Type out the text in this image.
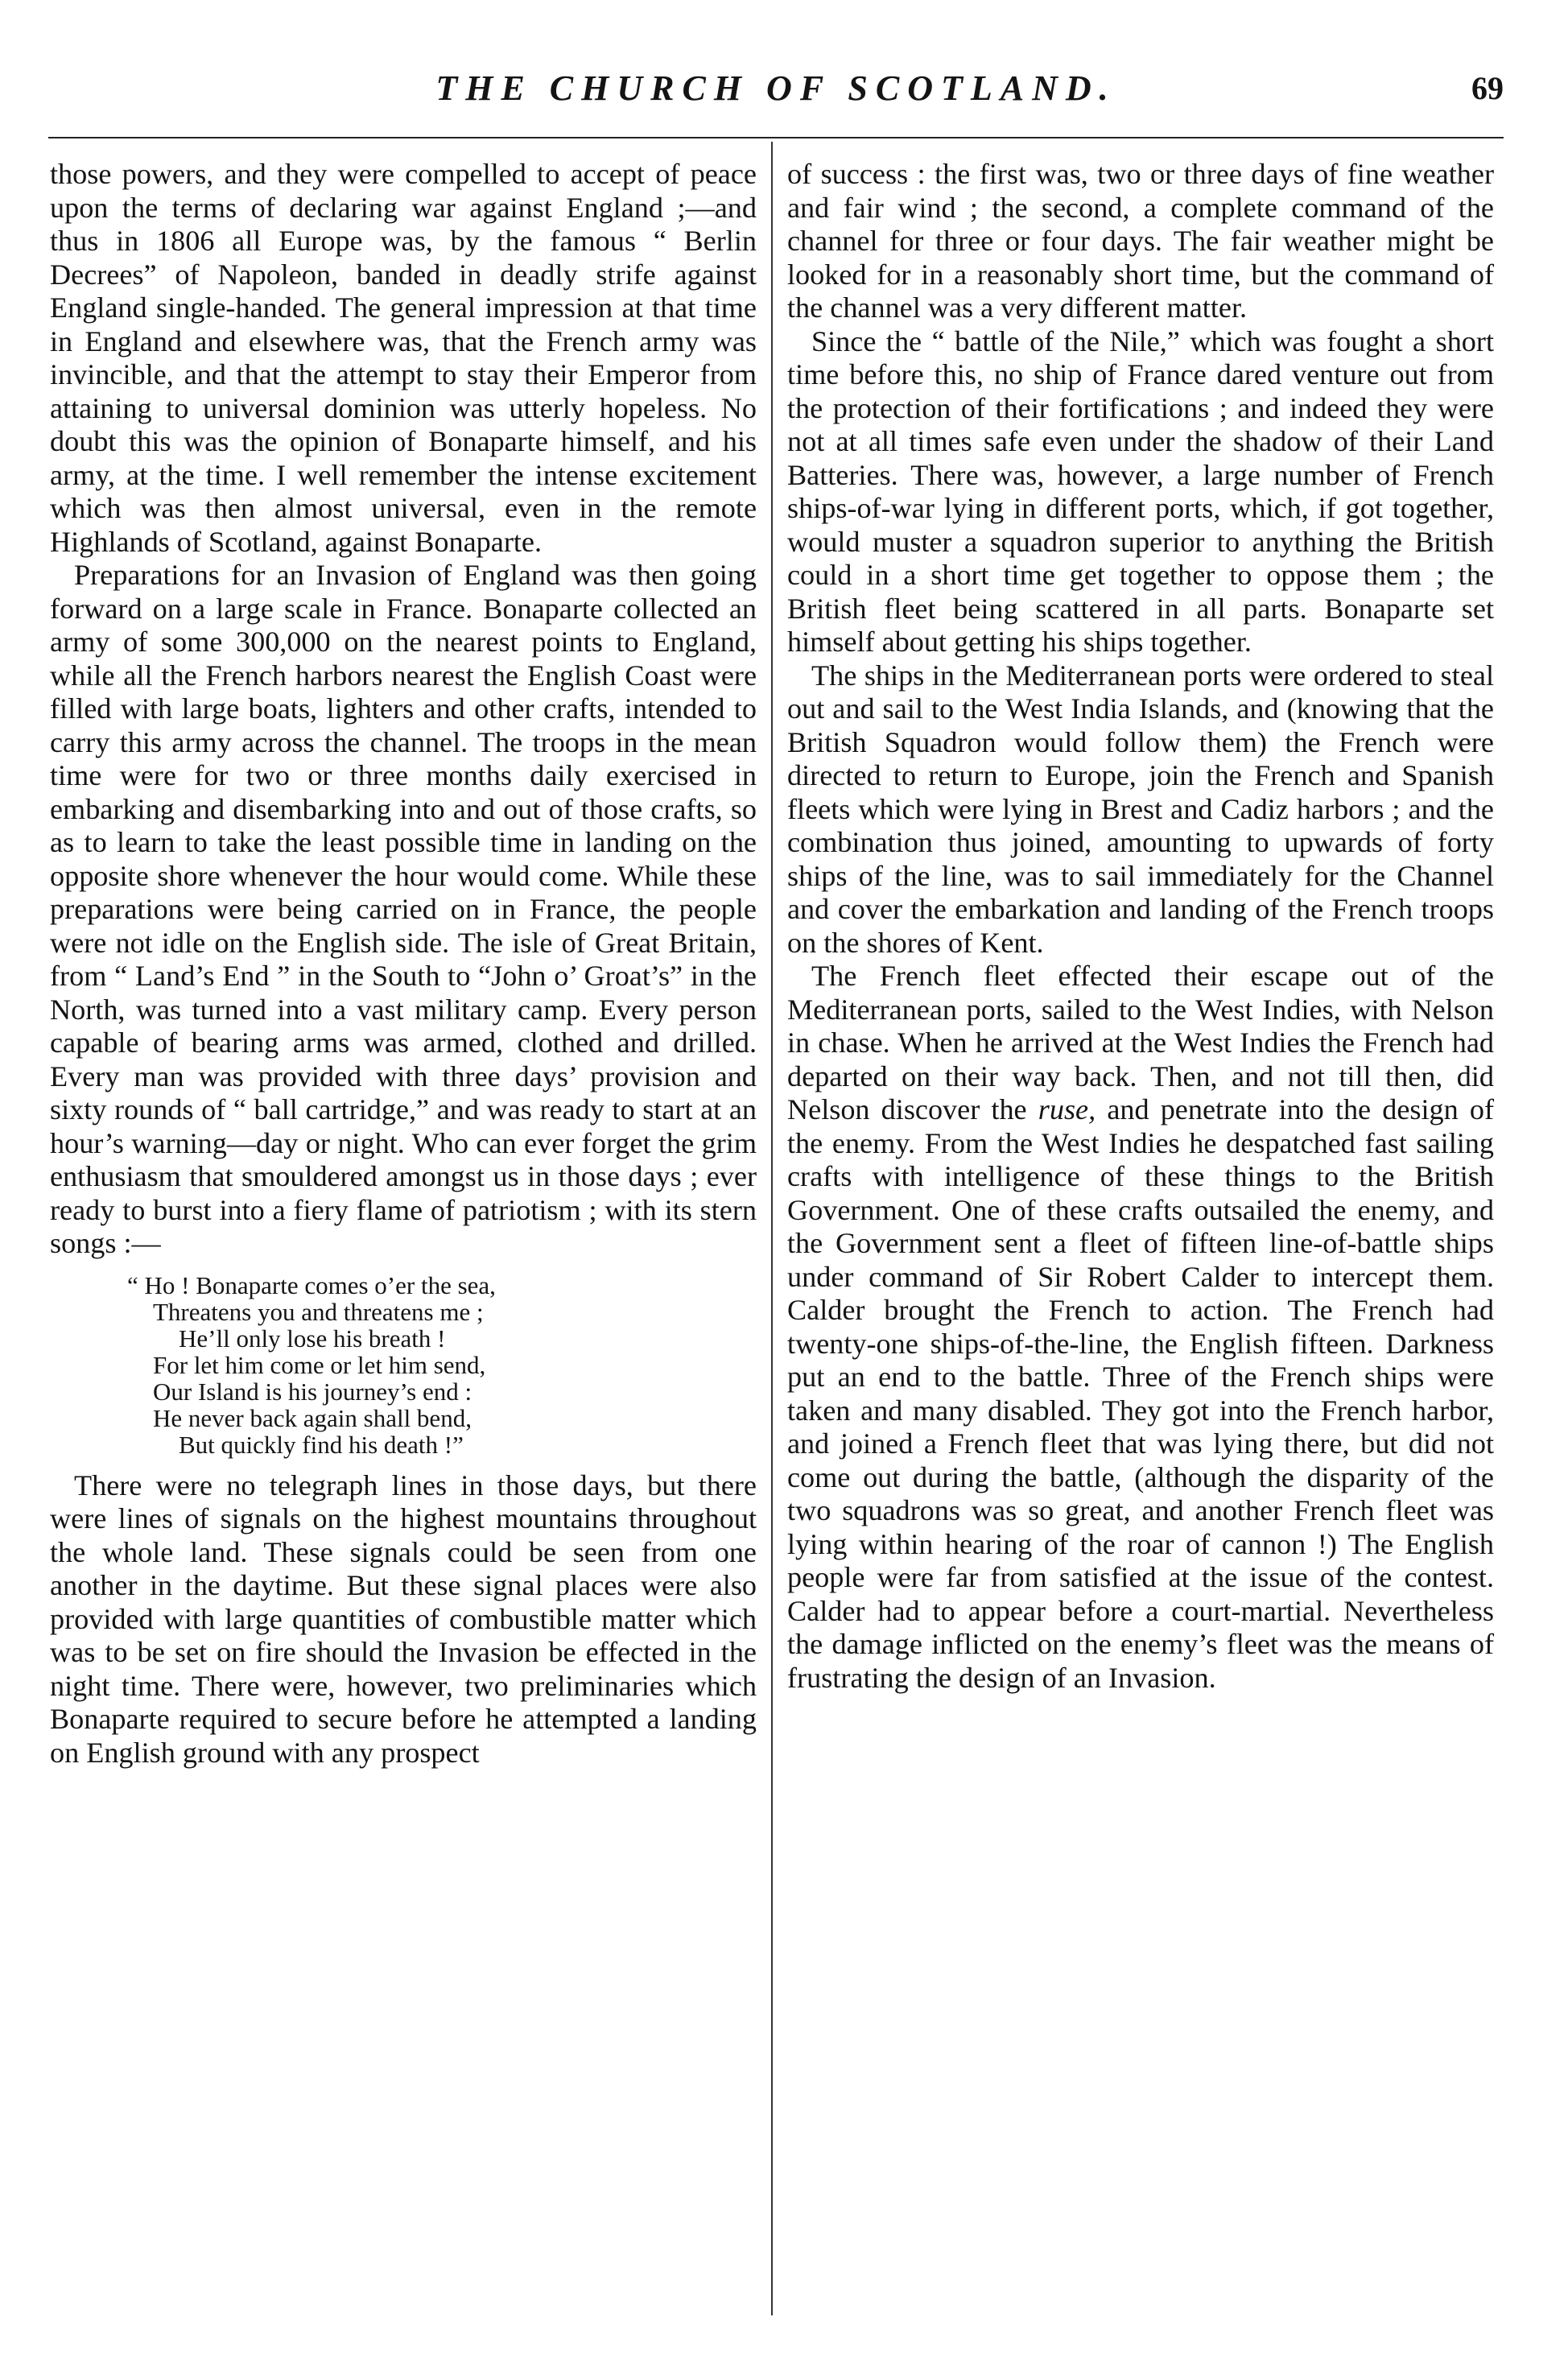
THE CHURCH OF SCOTLAND.	69

those powers, and they were compelled to accept of peace upon the terms of declaring war against England ;—and thus in 1806 all Europe was, by the famous “ Berlin Decrees” of Napoleon, banded in deadly strife against England single-handed. The general impression at that time in England and elsewhere was, that the French army was invincible, and that the attempt to stay their Emperor from attaining to universal dominion was utterly hopeless. No doubt this was the opinion of Bonaparte himself, and his army, at the time. I well remember the intense excitement which was then almost universal, even in the remote Highlands of Scotland, against Bonaparte.

Preparations for an Invasion of England was then going forward on a large scale in France. Bonaparte collected an army of some 300,000 on the nearest points to England, while all the French harbors nearest the English Coast were filled with large boats, lighters and other crafts, intended to carry this army across the channel. The troops in the mean time were for two or three months daily exercised in embarking and disembarking into and out of those crafts, so as to learn to take the least possible time in landing on the opposite shore whenever the hour would come. While these preparations were being carried on in France, the people were not idle on the English side. The isle of Great Britain, from “ Land’s End ” in the South to “John o’ Groat’s” in the North, was turned into a vast military camp. Every person capable of bearing arms was armed, clothed and drilled. Every man was provided with three days’ provision and sixty rounds of “ ball cartridge,” and was ready to start at an hour’s warning—day or night. Who can ever forget the grim enthusiasm that smouldered amongst us in those days ; ever ready to burst into a fiery flame of patriotism ; with its stern songs :—

“ Ho ! Bonaparte comes o’er the sea,
Threatens you and threatens me ;
He’ll only lose his breath !
For let him come or let him send,
Our Island is his journey’s end :
He never back again shall bend,
But quickly find his death !”

There were no telegraph lines in those days, but there were lines of signals on the highest mountains throughout the whole land. These signals could be seen from one another in the daytime. But these signal places were also provided with large quantities of combustible matter which was to be set on fire should the Invasion be effected in the night time. There were, however, two preliminaries which Bonaparte required to secure before he attempted a landing on English ground with any prospect

of success : the first was, two or three days of fine weather and fair wind ; the second, a complete command of the channel for three or four days. The fair weather might be looked for in a reasonably short time, but the command of the channel was a very different matter.

Since the “ battle of the Nile,” which was fought a short time before this, no ship of France dared venture out from the protection of their fortifications ; and indeed they were not at all times safe even under the shadow of their Land Batteries. There was, however, a large number of French ships-of-war lying in different ports, which, if got together, would muster a squadron superior to anything the British could in a short time get together to oppose them ; the British fleet being scattered in all parts. Bonaparte set himself about getting his ships together.

The ships in the Mediterranean ports were ordered to steal out and sail to the West India Islands, and (knowing that the British Squadron would follow them) the French were directed to return to Europe, join the French and Spanish fleets which were lying in Brest and Cadiz harbors ; and the combination thus joined, amounting to upwards of forty ships of the line, was to sail immediately for the Channel and cover the embarkation and landing of the French troops on the shores of Kent.

The French fleet effected their escape out of the Mediterranean ports, sailed to the West Indies, with Nelson in chase. When he arrived at the West Indies the French had departed on their way back. Then, and not till then, did Nelson discover the ruse, and penetrate into the design of the enemy. From the West Indies he despatched fast sailing crafts with intelligence of these things to the British Government. One of these crafts outsailed the enemy, and the Government sent a fleet of fifteen line-of-battle ships under command of Sir Robert Calder to intercept them. Calder brought the French to action. The French had twenty-one ships-of-the-line, the English fifteen. Darkness put an end to the battle. Three of the French ships were taken and many disabled. They got into the French harbor, and joined a French fleet that was lying there, but did not come out during the battle, (although the disparity of the two squadrons was so great, and another French fleet was lying within hearing of the roar of cannon !) The English people were far from satisfied at the issue of the contest. Calder had to appear before a court-martial. Nevertheless the damage inflicted on the enemy’s fleet was the means of frustrating the design of an Invasion.
